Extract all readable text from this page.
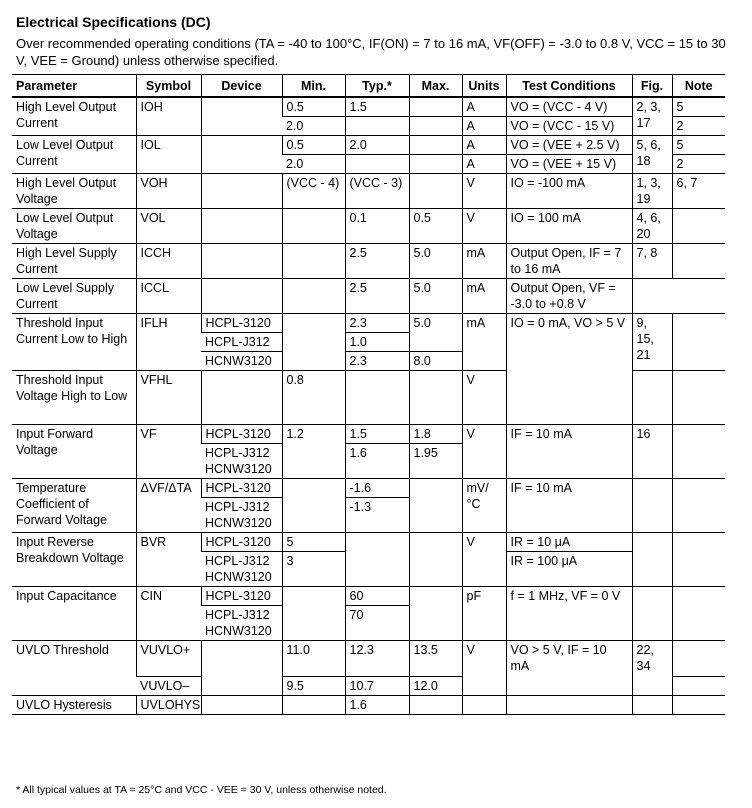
Electrical Specifications (DC)
Over recommended operating conditions (TA = -40 to 100°C, IF(ON) = 7 to 16 mA, VF(OFF) = -3.0 to 0.8 V, VCC = 15 to 30 V, VEE = Ground) unless otherwise specified.
Parameter	Symbol	Device	Min.	Typ.*	Max.	Units	Test Conditions	Fig.	Note
High Level Output Current	IOH		0.5	1.5		A	VO = (VCC - 4 V)	2, 3, 17	5
			2.0			A	VO = (VCC - 15 V)		2
Low Level Output Current	IOL		0.5	2.0		A	VO = (VEE + 2.5 V)	5, 6, 18	5
			2.0			A	VO = (VEE + 15 V)		2
High Level Output Voltage	VOH		(VCC - 4)	(VCC - 3)		V	IO = -100 mA	1, 3, 19	6, 7
Low Level Output Voltage	VOL			0.1	0.5	V	IO = 100 mA	4, 6, 20	
High Level Supply Current	ICCH			2.5	5.0	mA	Output Open, IF = 7 to 16 mA	7, 8	
Low Level Supply Current	ICCL			2.5	5.0	mA	Output Open, VF = -3.0 to +0.8 V		
Threshold Input Current Low to High	IFLH	HCPL-3120		2.3	5.0	mA	IO = 0 mA, VO > 5 V	9, 15, 21	
		HCPL-J312		1.0					
		HCNW3120		2.3	8.0				
Threshold Input Voltage High to Low	VFHL		0.8			V			
Input Forward Voltage	VF	HCPL-3120	1.2	1.5	1.8	V	IF = 10 mA	16	
		HCPL-J312 HCNW3120		1.6	1.95				
Temperature Coefficient of Forward Voltage	ΔVF/ΔTA	HCPL-3120		-1.6		mV/°C	IF = 10 mA		
		HCPL-J312 HCNW3120		-1.3					
Input Reverse Breakdown Voltage	BVR	HCPL-3120	5			V	IR = 10 μA		
		HCPL-J312 HCNW3120	3				IR = 100 μA		
Input Capacitance	CIN	HCPL-3120		60		pF	f = 1 MHz, VF = 0 V		
		HCPL-J312 HCNW3120		70					
UVLO Threshold	VUVLO+		11.0	12.3	13.5	V	VO > 5 V, IF = 10 mA	22, 34	
	VUVLO–		9.5	10.7	12.0				
UVLO Hysteresis	UVLOHYS			1.6					
* All typical values at TA = 25°C and VCC - VEE = 30 V, unless otherwise noted.
